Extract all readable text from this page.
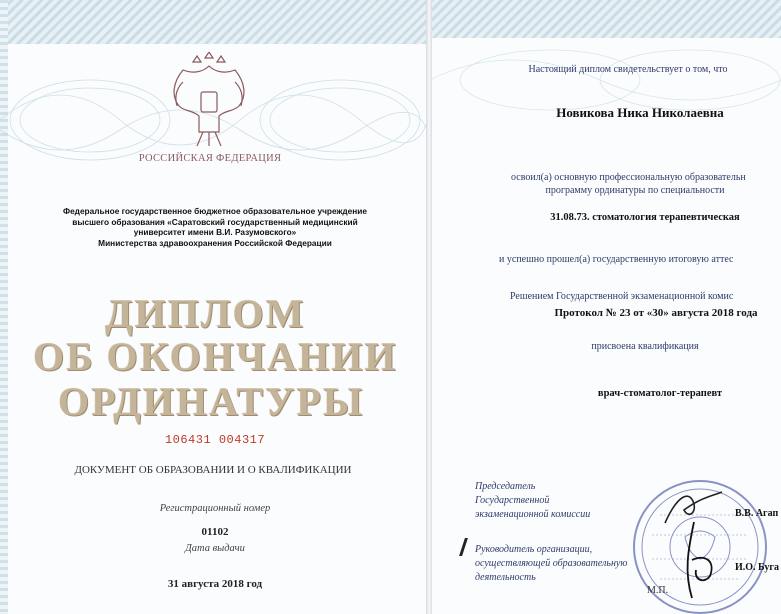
РОССИЙСКАЯ ФЕДЕРАЦИЯ
Федеральное государственное бюджетное образовательное учреждение
высшего образования «Саратовский государственный медицинский
университет имени В.И. Разумовского»
Министерства здравоохранения Российской Федерации
ДИПЛОМ
ОБ ОКОНЧАНИИ
ОРДИНАТУРЫ
106431 004317
ДОКУМЕНТ ОБ ОБРАЗОВАНИИ И О КВАЛИФИКАЦИИ
Регистрационный номер
01102
Дата выдачи
31 августа 2018 год
Настоящий диплом свидетельствует о том, что
Новикова Ника Николаевна
освоил(а) основную профессиональную образовательн
программу ординатуры по специальности
31.08.73. стоматология терапевтическая
и успешно прошел(а) государственную итоговую аттес
Решением Государственной экзаменационной комис
Протокол № 23 от «30» августа 2018 года
присвоена квалификация
врач-стоматолог-терапевт
Председатель
Государственной
экзаменационной комиссии	В.В. Агап
Руководитель организации,
осуществляющей образовательную
деятельность
М.П.
И.О. Буга
